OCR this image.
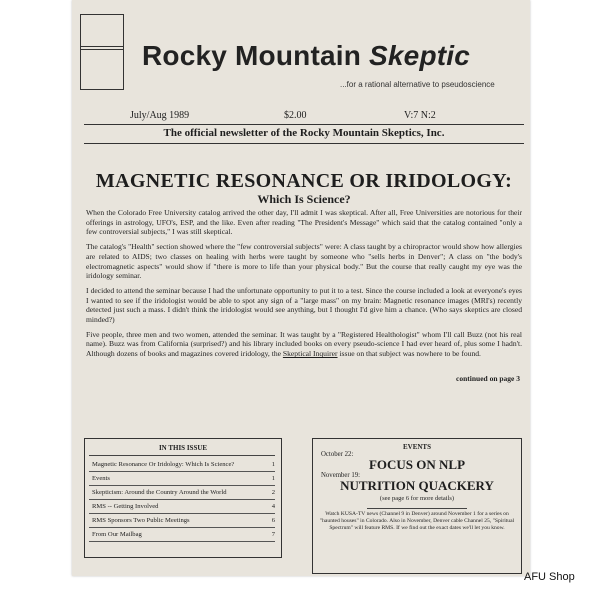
Rocky Mountain Skeptic
...for a rational alternative to pseudoscience
July/Aug 1989	$2.00	V:7 N:2
The official newsletter of the Rocky Mountain Skeptics, Inc.
MAGNETIC RESONANCE OR IRIDOLOGY:
Which Is Science?

When the Colorado Free University catalog arrived the other day, I'll admit I was skeptical. After all, Free Universities are notorious for their offerings in astrology, UFO's, ESP, and the like. Even after reading "The President's Message" which said that the catalog contained "only a few controversial subjects," I was still skeptical.

The catalog's "Health" section showed where the "few controversial subjects" were: A class taught by a chiropractor would show how allergies are related to AIDS; two classes on healing with herbs were taught by someone who "sells herbs in Denver"; A class on "the body's electromagnetic aspects" would show if "there is more to life than your physical body." But the course that really caught my eye was the iridology seminar.

I decided to attend the seminar because I had the unfortunate opportunity to put it to a test. Since the course included a look at everyone's eyes I wanted to see if the iridologist would be able to spot any sign of a "large mass" on my brain: Magnetic resonance images (MRI's) recently detected just such a mass. I didn't think the iridologist would see anything, but I thought I'd give him a chance. (Who says skeptics are closed minded?)

Five people, three men and two women, attended the seminar. It was taught by a "Registered Healthologist" whom I'll call Buzz (not his real name). Buzz was from California (surprised?) and his library included books on every pseudo-science I had ever heard of, plus some I hadn't. Although dozens of books and magazines covered iridology, the Skeptical Inquirer issue on that subject was nowhere to be found.

continued on page 3
IN THIS ISSUE
Magnetic Resonance Or Iridology: Which Is Science?	1
Events	1
Skepticism: Around the Country Around the World	2
RMS -- Getting Involved	4
RMS Sponsors Two Public Meetings	6
From Our Mailbag	7
EVENTS
October 22:
FOCUS ON NLP
November 19:
NUTRITION QUACKERY
(see page 6 for more details)
Watch KUSA-TV news (Channel 9 in Denver) around November 1 for a series on "haunted houses" in Colorado. Also in November, Denver cable Channel 25, "Spiritual Spectrum" will feature RMS. If we find out the exact dates we'll let you know.
AFU Shop
